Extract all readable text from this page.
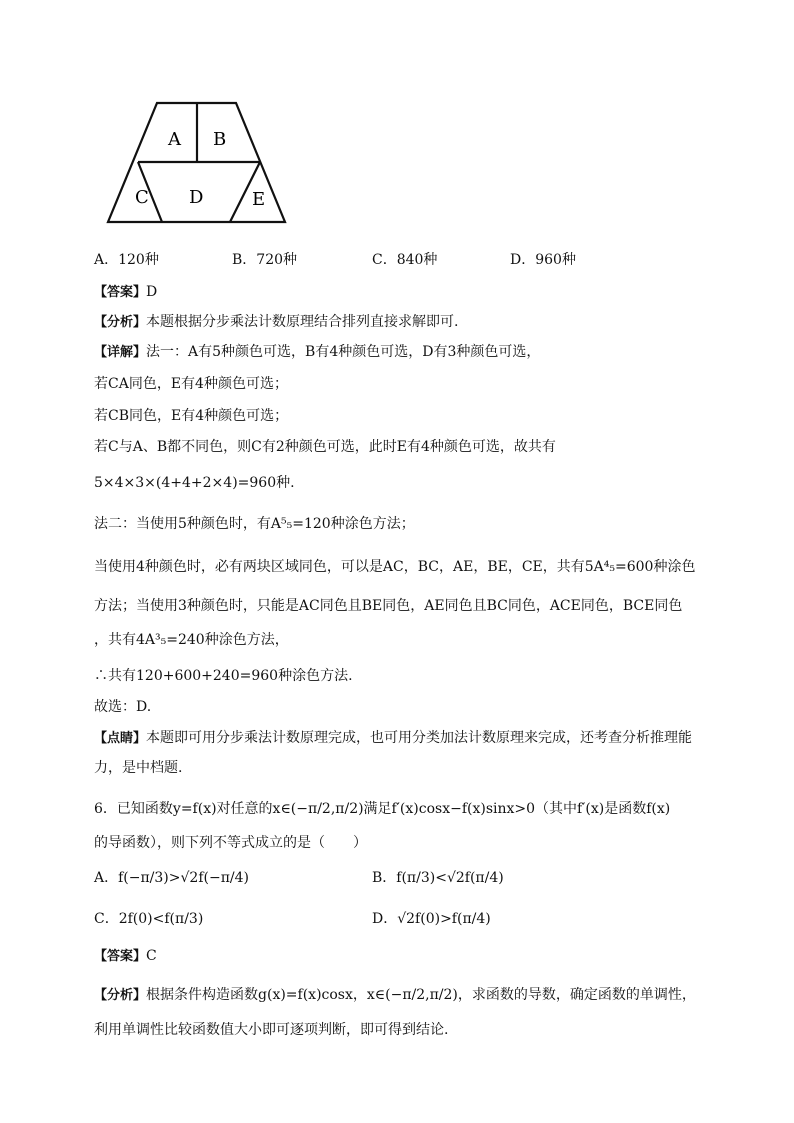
A B
C D	E
A．120种	B．720种	C．840种	D．960种
【答案】D
【分析】本题根据分步乘法计数原理结合排列直接求解即可.
【详解】法一：A有5种颜色可选，B有4种颜色可选，D有3种颜色可选，
若CA同色，E有4种颜色可选；
若CB同色，E有4种颜色可选；
若C与A、B都不同色，则C有2种颜色可选，此时E有4种颜色可选，故共有
5×4×3×(4+4+2×4)=960种.
法二：当使用5种颜色时，有A⁵₅=120种涂色方法；
当使用4种颜色时，必有两块区域同色，可以是AC，BC，AE，BE，CE，共有5A⁴₅=600种涂色
方法；当使用3种颜色时，只能是AC同色且BE同色，AE同色且BC同色，ACE同色，BCE同色
，共有4A³₅=240种涂色方法，
∴共有120+600+240=960种涂色方法.
故选：D.
【点睛】本题即可用分步乘法计数原理完成，也可用分类加法计数原理来完成，还考查分析推理能
力，是中档题.
6．已知函数y=f(x)对任意的x∈(−π/2,π/2)满足f′(x)cosx−f(x)sinx>0（其中f′(x)是函数f(x)
的导函数），则下列不等式成立的是（　　）
A．f(−π/3)>√2f(−π/4)	B．f(π/3)<√2f(π/4)
C．2f(0)<f(π/3)	D．√2f(0)>f(π/4)
【答案】C
【分析】根据条件构造函数g(x)=f(x)cosx，x∈(−π/2,π/2)，求函数的导数，确定函数的单调性，
利用单调性比较函数值大小即可逐项判断，即可得到结论.
